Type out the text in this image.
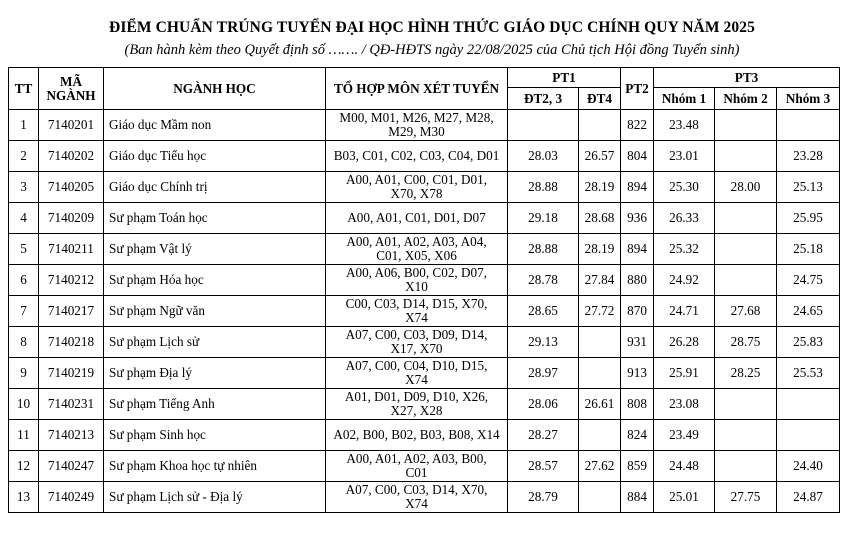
ĐIỂM CHUẨN TRÚNG TUYỂN ĐẠI HỌC HÌNH THỨC GIÁO DỤC CHÍNH QUY NĂM 2025
(Ban hành kèm theo Quyết định số ……. / QĐ-HĐTS ngày 22/08/2025 của Chủ tịch Hội đồng Tuyển sinh)
TT	MÃ
NGÀNH	NGÀNH HỌC	TỔ HỢP MÔN XÉT TUYỂN	PT1		PT2	PT3		
				ĐT2, 3	ĐT4		Nhóm 1	Nhóm 2	Nhóm 3
1	7140201	Giáo dục Mầm non	M00, M01, M26, M27, M28,
M29, M30			822	23.48		
2	7140202	Giáo dục Tiểu học	B03, C01, C02, C03, C04, D01	28.03	26.57	804	23.01		23.28
3	7140205	Giáo dục Chính trị	A00, A01, C00, C01, D01,
X70, X78	28.88	28.19	894	25.30	28.00	25.13
4	7140209	Sư phạm Toán học	A00, A01, C01, D01, D07	29.18	28.68	936	26.33		25.95
5	7140211	Sư phạm Vật lý	A00, A01, A02, A03, A04,
C01, X05, X06	28.88	28.19	894	25.32		25.18
6	7140212	Sư phạm Hóa học	A00, A06, B00, C02, D07,
X10	28.78	27.84	880	24.92		24.75
7	7140217	Sư phạm Ngữ văn	C00, C03, D14, D15, X70,
X74	28.65	27.72	870	24.71	27.68	24.65
8	7140218	Sư phạm Lịch sử	A07, C00, C03, D09, D14,
X17, X70	29.13		931	26.28	28.75	25.83
9	7140219	Sư phạm Địa lý	A07, C00, C04, D10, D15,
X74	28.97		913	25.91	28.25	25.53
10	7140231	Sư phạm Tiếng Anh	A01, D01, D09, D10, X26,
X27, X28	28.06	26.61	808	23.08		
11	7140213	Sư phạm Sinh học	A02, B00, B02, B03, B08, X14	28.27		824	23.49		
12	7140247	Sư phạm Khoa học tự nhiên	A00, A01, A02, A03, B00,
C01	28.57	27.62	859	24.48		24.40
13	7140249	Sư phạm Lịch sử - Địa lý	A07, C00, C03, D14, X70,
X74	28.79		884	25.01	27.75	24.87
